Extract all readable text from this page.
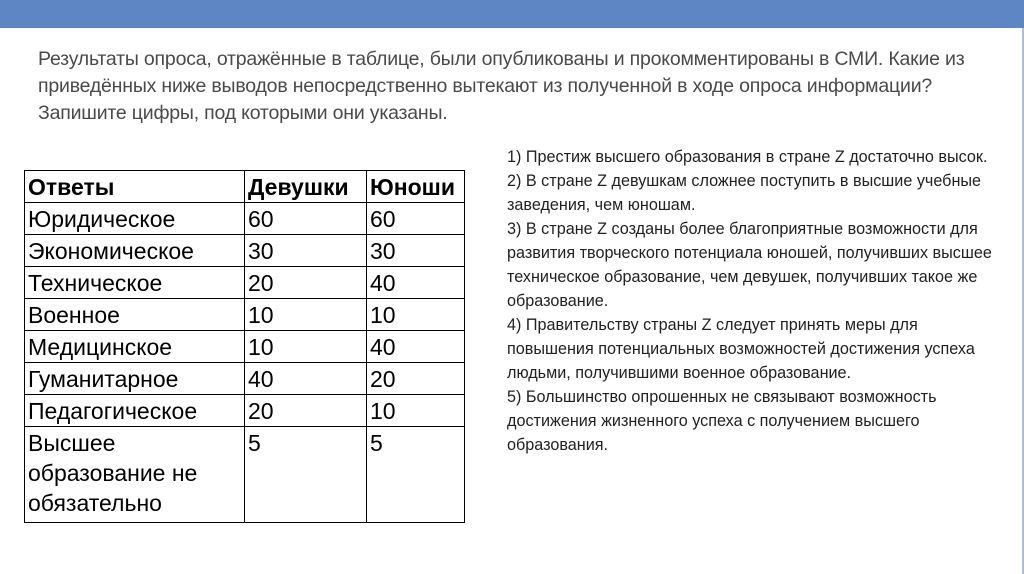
Результаты опроса, отражённые в таблице, были опубликованы и прокомментированы в СМИ. Какие из приведённых ниже выводов непосредственно вытекают из полученной в ходе опроса информации? Запишите цифры, под которыми они указаны.
Ответы	Девушки	Юноши
Юридическое	60	60
Экономическое	30	30
Техническое	20	40
Военное	10	10
Медицинское	10	40
Гуманитарное	40	20
Педагогическое	20	10
Высшее образование не обязательно	5	5

1) Престиж высшего образования в стране Z достаточно высок.

2) В стране Z девушкам сложнее поступить в высшие учебные заведения, чем юношам.

3) В стране Z созданы более благоприятные возможности для развития творческого потенциала юношей, получивших высшее техническое образование, чем девушек, получивших такое же образование.

4) Правительству страны Z следует принять меры для повышения потенциальных возможностей достижения успеха людьми, получившими военное образование.

5) Большинство опрошенных не связывают возможность достижения жизненного успеха с получением высшего образования.
